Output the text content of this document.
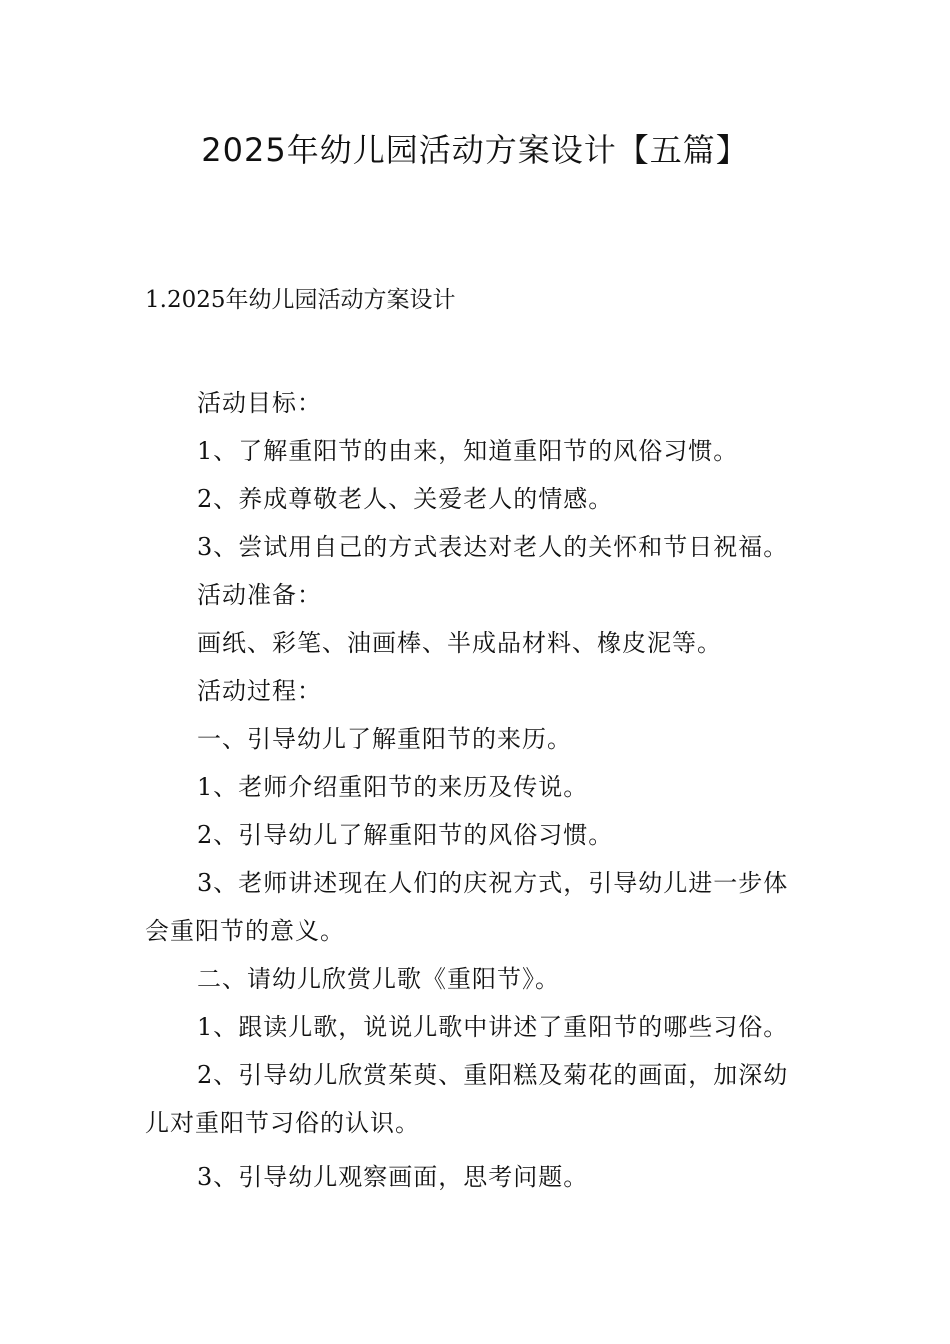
2025年幼儿园活动方案设计【五篇】
1.2025年幼儿园活动方案设计

活动目标：

1、了解重阳节的由来，知道重阳节的风俗习惯。

2、养成尊敬老人、关爱老人的情感。

3、尝试用自己的方式表达对老人的关怀和节日祝福。

活动准备：

画纸、彩笔、油画棒、半成品材料、橡皮泥等。

活动过程：

一、引导幼儿了解重阳节的来历。

1、老师介绍重阳节的来历及传说。

2、引导幼儿了解重阳节的风俗习惯。

3、老师讲述现在人们的庆祝方式，引导幼儿进一步体会重阳节的意义。

二、请幼儿欣赏儿歌《重阳节》。

1、跟读儿歌，说说儿歌中讲述了重阳节的哪些习俗。

2、引导幼儿欣赏茱萸、重阳糕及菊花的画面，加深幼儿对重阳节习俗的认识。

3、引导幼儿观察画面，思考问题。
